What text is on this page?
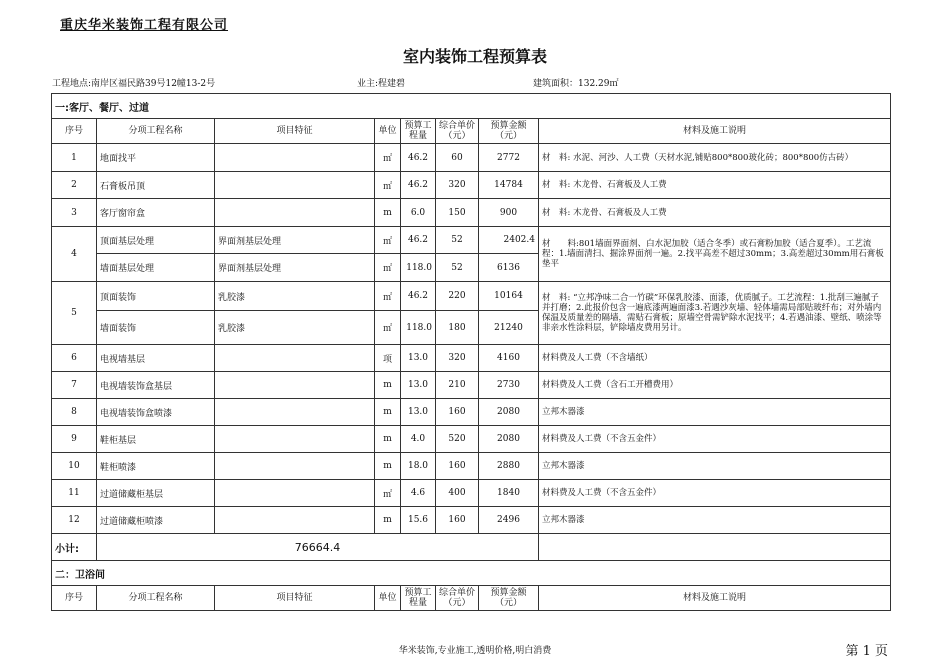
重庆华米装饰工程有限公司
室内装饰工程预算表
工程地点:南岸区福民路39号12幢13-2号	业主:程建碧	建筑面积：132.29㎡
一:客厅、餐厅、过道							
序号	分项工程名称	项目特征	单位	预算工程量	综合单价（元）	预算金额（元）	材料及施工说明
1	地面找平		㎡	46.2	60	2772	材　料: 水泥、河沙、人工费（天材水泥,铺贴800*800玻化砖；800*800仿古砖）
2	石膏板吊顶		㎡	46.2	320	14784	材　料: 木龙骨、石膏板及人工费
3	客厅窗帘盒		m	6.0	150	900	材　料: 木龙骨、石膏板及人工费
4	顶面基层处理	界面剂基层处理	㎡	46.2	52	2402.4	材　　料:801墙面界面剂、白水泥加胶（适合冬季）或石膏粉加胶（适合夏季）。工艺流程：1.墙面清扫、掘涂界面剂一遍。2.找平高差不超过30mm；3.高差超过30mm用石膏板垫平
	墙面基层处理	界面剂基层处理	㎡	118.0	52	6136	
5	顶面装饰	乳胶漆	㎡	46.2	220	10164	材　料: “立邦净味二合一竹碳”环保乳胶漆、面漆，优质腻子。工艺流程：1.批刮三遍腻子并打磨；2.此报价包含一遍底漆两遍面漆3.若遇沙灰墙、轻体墙需局部贴玻纤布；对外墙内保温及质量差的隔墙，需贴石膏板；原墙空骨需铲除水泥找平；4.若遇油漆、壁纸、喷涂等非亲水性涂料层，铲除墙皮费用另计。
	墙面装饰	乳胶漆	㎡	118.0	180	21240	
6	电视墙基层		项	13.0	320	4160	材料费及人工费（不含墙纸）
7	电视墙装饰盒基层		m	13.0	210	2730	材料费及人工费（含石工开槽费用）
8	电视墙装饰盒喷漆		m	13.0	160	2080	立邦木器漆
9	鞋柜基层		m	4.0	520	2080	材料费及人工费（不含五金件）
10	鞋柜喷漆		m	18.0	160	2880	立邦木器漆
11	过道储藏柜基层		㎡	4.6	400	1840	材料费及人工费（不含五金件）
12	过道储藏柜喷漆		m	15.6	160	2496	立邦木器漆
小计:	76664.4						
二：卫浴间							
序号	分项工程名称	项目特征	单位	预算工程量	综合单价（元）	预算金额（元）	材料及施工说明
华米装饰,专业施工,透明价格,明白消费	第 1 页
